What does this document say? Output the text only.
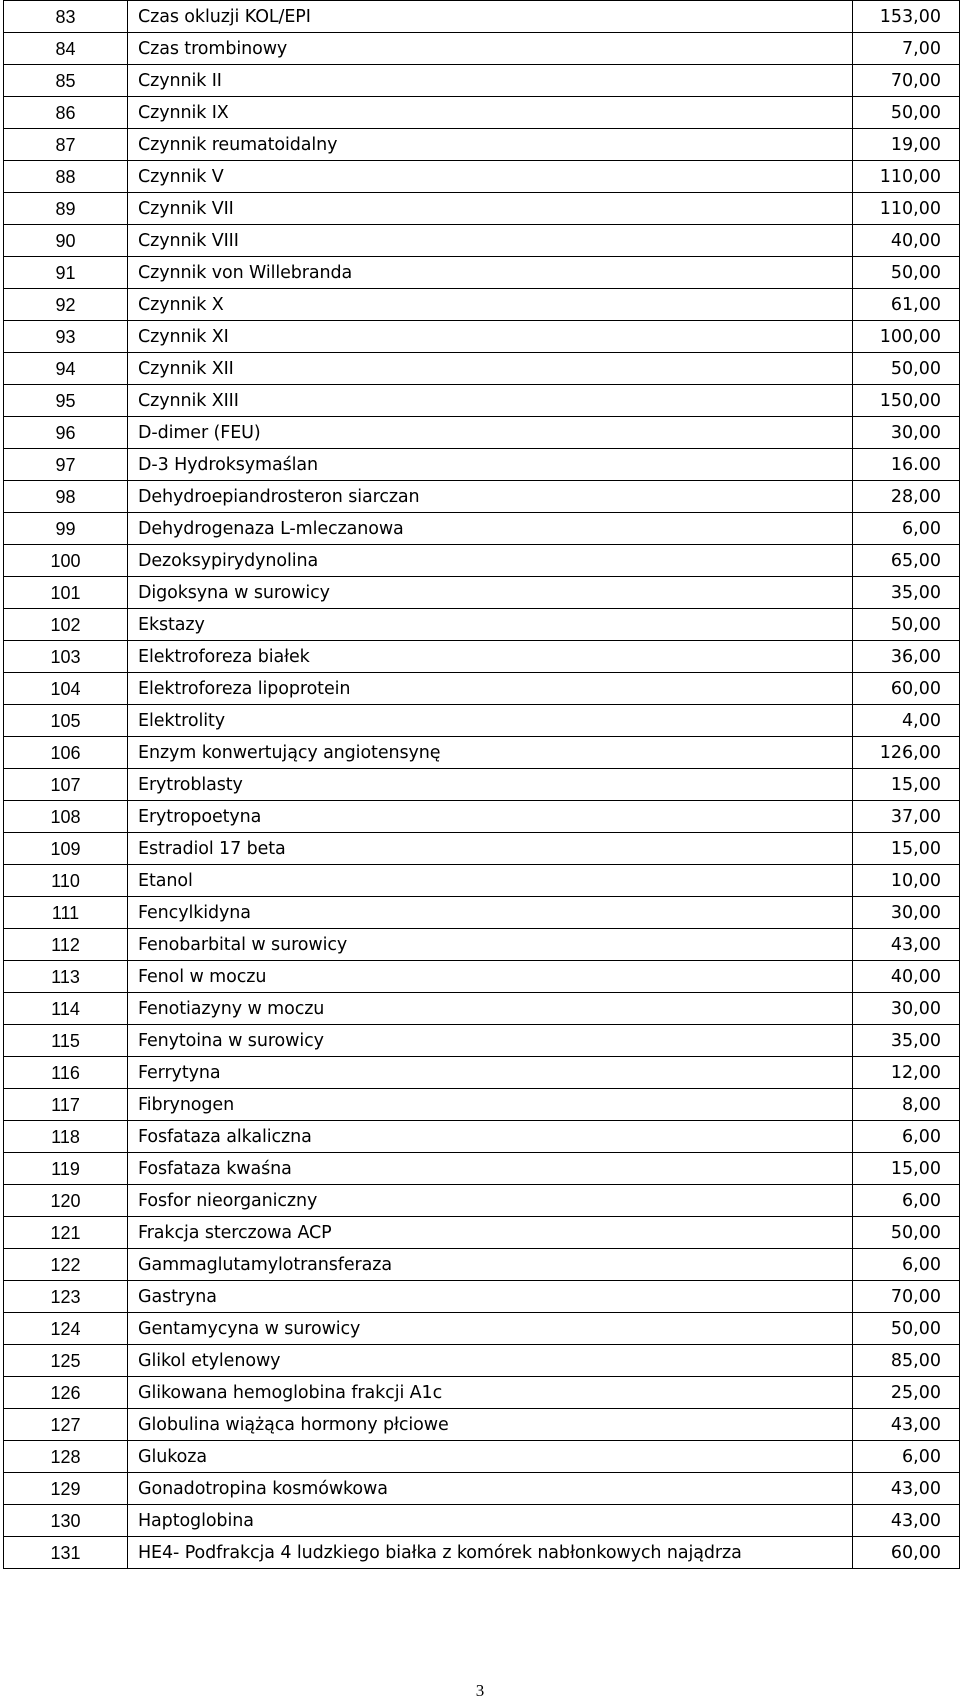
83	Czas okluzji KOL/EPI	153,00
84	Czas trombinowy	7,00
85	Czynnik II	70,00
86	Czynnik IX	50,00
87	Czynnik reumatoidalny	19,00
88	Czynnik V	110,00
89	Czynnik VII	110,00
90	Czynnik VIII	40,00
91	Czynnik von Willebranda	50,00
92	Czynnik X	61,00
93	Czynnik XI	100,00
94	Czynnik XII	50,00
95	Czynnik XIII	150,00
96	D-dimer (FEU)	30,00
97	D-3 Hydroksymaślan	16.00
98	Dehydroepiandrosteron siarczan	28,00
99	Dehydrogenaza L-mleczanowa	6,00
100	Dezoksypirydynolina	65,00
101	Digoksyna w surowicy	35,00
102	Ekstazy	50,00
103	Elektroforeza białek	36,00
104	Elektroforeza lipoprotein	60,00
105	Elektrolity	4,00
106	Enzym konwertujący angiotensynę	126,00
107	Erytroblasty	15,00
108	Erytropoetyna	37,00
109	Estradiol 17 beta	15,00
110	Etanol	10,00
111	Fencylkidyna	30,00
112	Fenobarbital w surowicy	43,00
113	Fenol w moczu	40,00
114	Fenotiazyny w moczu	30,00
115	Fenytoina w surowicy	35,00
116	Ferrytyna	12,00
117	Fibrynogen	8,00
118	Fosfataza alkaliczna	6,00
119	Fosfataza kwaśna	15,00
120	Fosfor nieorganiczny	6,00
121	Frakcja sterczowa ACP	50,00
122	Gammaglutamylotransferaza	6,00
123	Gastryna	70,00
124	Gentamycyna w surowicy	50,00
125	Glikol etylenowy	85,00
126	Glikowana hemoglobina frakcji A1c	25,00
127	Globulina wiążąca hormony płciowe	43,00
128	Glukoza	6,00
129	Gonadotropina kosmówkowa	43,00
130	Haptoglobina	43,00
131	HE4- Podfrakcja 4 ludzkiego białka z komórek nabłonkowych najądrza	60,00
3
